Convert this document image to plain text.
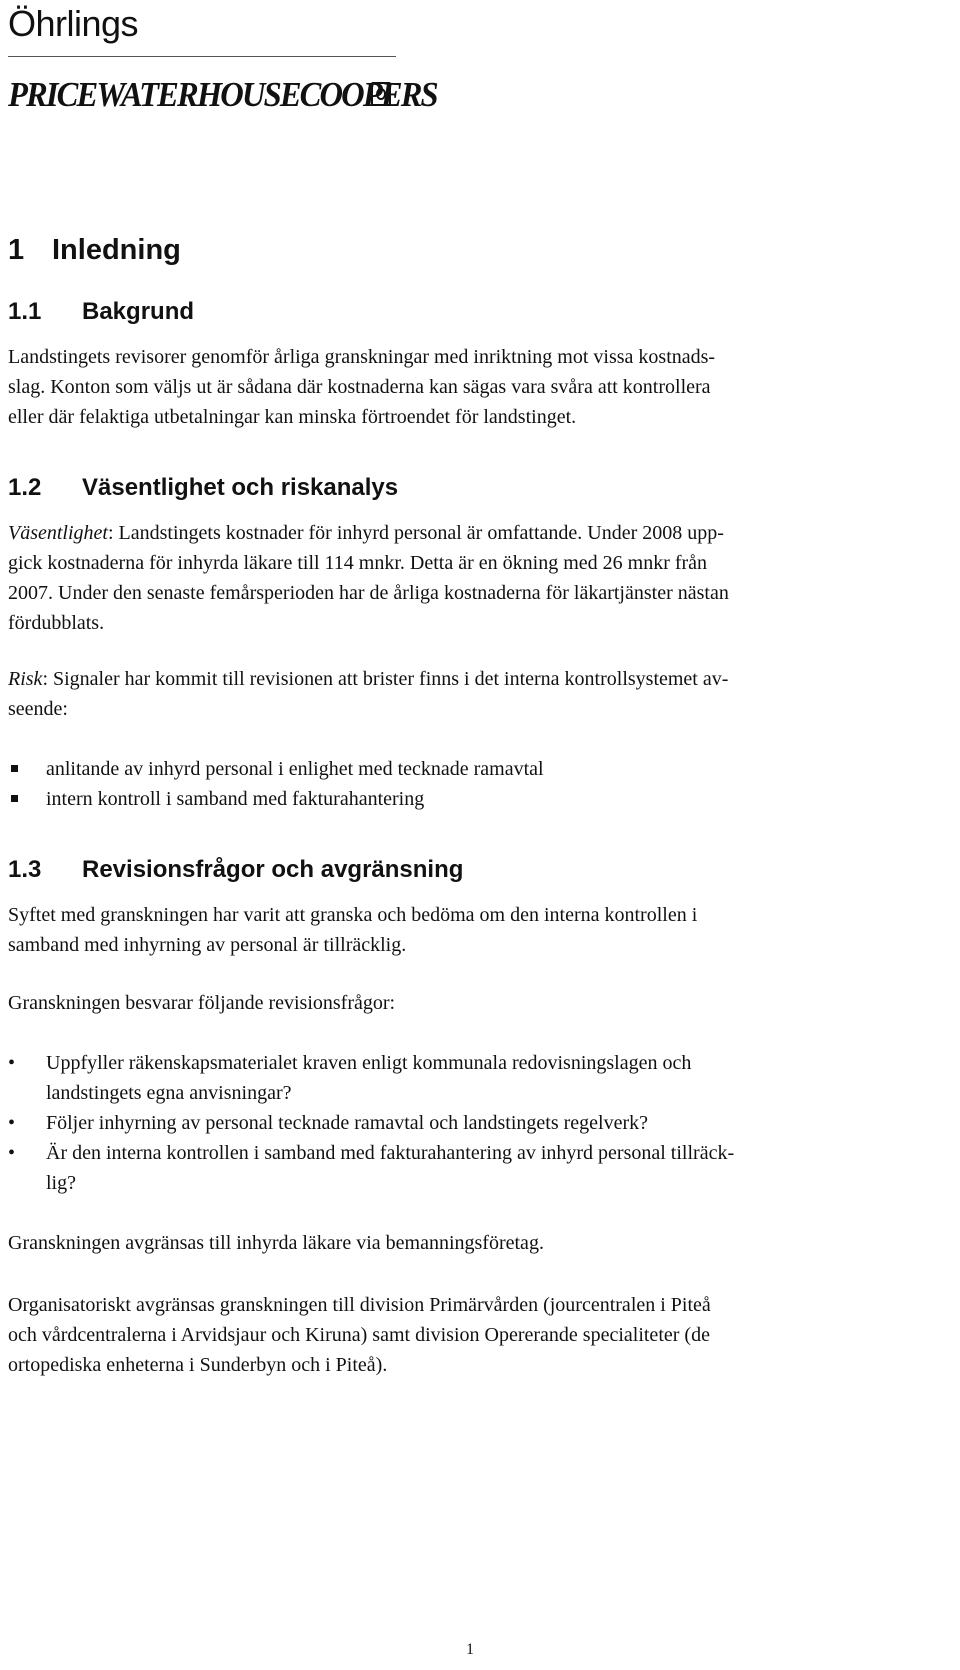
Öhrlings
PRICEWATERHOUSECOOPERS
1 Inledning
1.1 Bakgrund

Landstingets revisorer genomför årliga granskningar med inriktning mot vissa kostnads-
slag. Konton som väljs ut är sådana där kostnaderna kan sägas vara svåra att kontrollera
eller där felaktiga utbetalningar kan minska förtroendet för landstinget.

1.2 Väsentlighet och riskanalys

Väsentlighet: Landstingets kostnader för inhyrd personal är omfattande. Under 2008 upp-
gick kostnaderna för inhyrda läkare till 114 mnkr. Detta är en ökning med 26 mnkr från
2007. Under den senaste femårsperioden har de årliga kostnaderna för läkartjänster nästan
fördubblats.

Risk: Signaler har kommit till revisionen att brister finns i det interna kontrollsystemet av-
seende:

anlitande av inhyrd personal i enlighet med tecknade ramavtal
intern kontroll i samband med fakturahantering
1.3 Revisionsfrågor och avgränsning

Syftet med granskningen har varit att granska och bedöma om den interna kontrollen i
samband med inhyrning av personal är tillräcklig.

Granskningen besvarar följande revisionsfrågor:

• Uppfyller räkenskapsmaterialet kraven enligt kommunala redovisningslagen och
landstingets egna anvisningar?
• Följer inhyrning av personal tecknade ramavtal och landstingets regelverk?
• Är den interna kontrollen i samband med fakturahantering av inhyrd personal tillräck-
lig?

Granskningen avgränsas till inhyrda läkare via bemanningsföretag.

Organisatoriskt avgränsas granskningen till division Primärvården (jourcentralen i Piteå
och vårdcentralerna i Arvidsjaur och Kiruna) samt division Opererande specialiteter (de
ortopediska enheterna i Sunderbyn och i Piteå).

1
